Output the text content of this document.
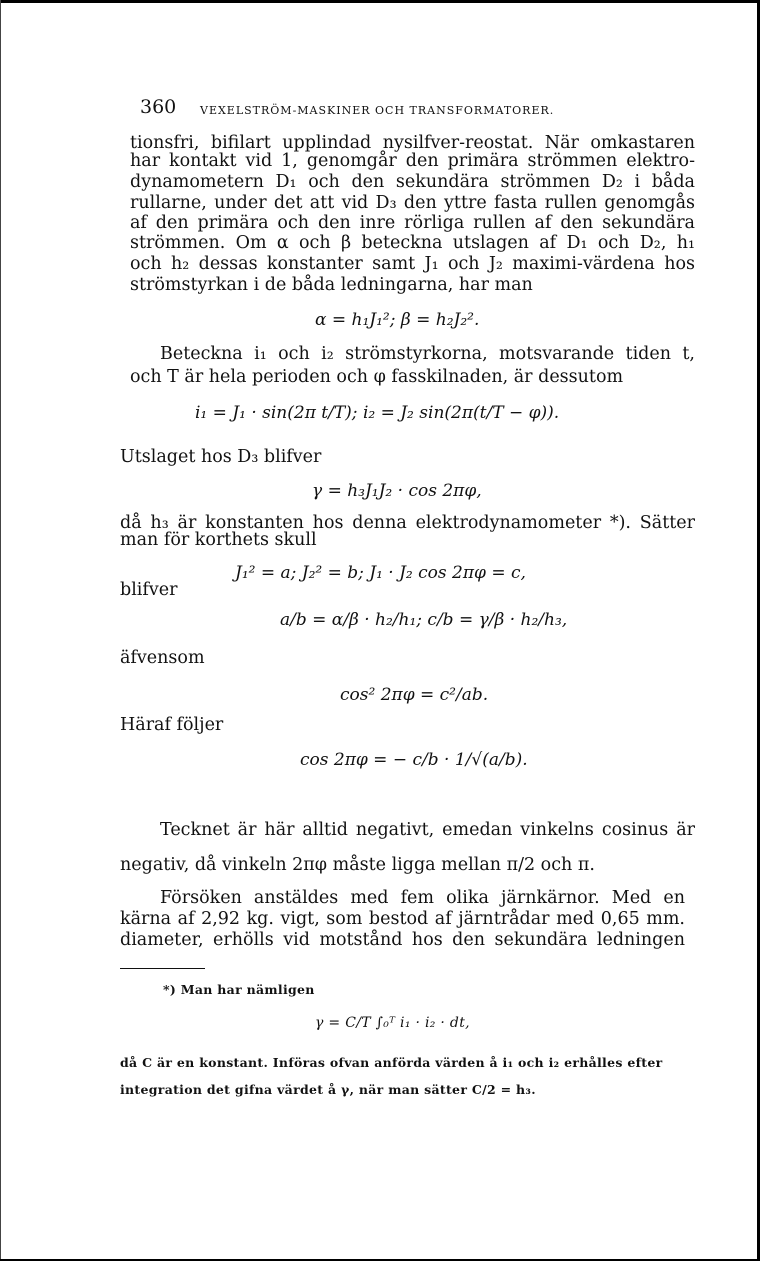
360 VEXELSTRÖM-MASKINER OCH TRANSFORMATORER.
tionsfri, bifilart upplindad nysilfver-reostat. När omkastaren
har kontakt vid 1, genomgår den primära strömmen elektro-
dynamometern D₁ och den sekundära strömmen D₂ i båda
rullarne, under det att vid D₃ den yttre fasta rullen genomgås
af den primära och den inre rörliga rullen af den sekundära
strömmen. Om α och β beteckna utslagen af D₁ och D₂, h₁
och h₂ dessas konstanter samt J₁ och J₂ maximi-värdena hos
strömstyrkan i de båda ledningarna, har man
α = h₁J₁²; β = h₂J₂².
Beteckna i₁ och i₂ strömstyrkorna, motsvarande tiden t,
och T är hela perioden och φ fasskilnaden, är dessutom
i₁ = J₁ · sin(2π t/T); i₂ = J₂ sin(2π(t/T − φ)).
Utslaget hos D₃ blifver
γ = h₃J₁J₂ · cos 2πφ,
då h₃ är konstanten hos denna elektrodynamometer *). Sätter
man för korthets skull
J₁² = a; J₂² = b; J₁ · J₂ cos 2πφ = c,
blifver
a/b = α/β · h₂/h₁; c/b = γ/β · h₂/h₃,
äfvensom
cos² 2πφ = c²/ab.
Häraf följer
cos 2πφ = − c/b · 1/√(a/b).
Tecknet är här alltid negativt, emedan vinkelns cosinus är
negativ, då vinkeln 2πφ måste ligga mellan π/2 och π.
Försöken anstäldes med fem olika järnkärnor. Med en
kärna af 2,92 kg. vigt, som bestod af järntrådar med 0,65 mm.
diameter, erhölls vid motstånd hos den sekundära ledningen
*) Man har nämligen
γ = C/T ∫₀ᵀ i₁ · i₂ · dt,
då C är en konstant. Införas ofvan anförda värden å i₁ och i₂ erhålles efter
integration det gifna värdet å γ, när man sätter C/2 = h₃.
